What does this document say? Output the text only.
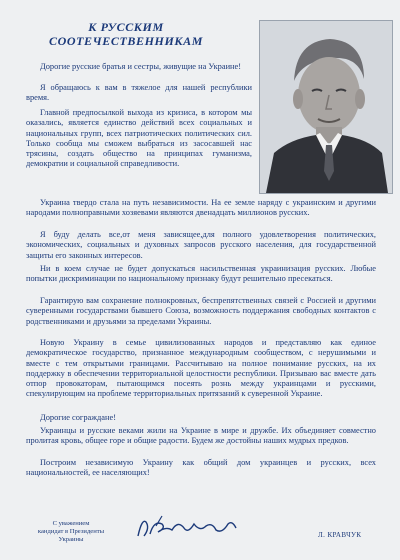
К РУССКИМ
СООТЕЧЕСТВЕННИКАМ

Дорогие русские братья и сестры, живущие на Украине!

Я обращаюсь к вам в тяжелое для нашей республики время.

Главной предпосылкой выхода из кризиса, в котором мы оказались, является единство действий всех социальных и национальных групп, всех патриотических политических сил. Только сообща мы сможем выбраться из засосавшей нас трясины, создать общество на принципах гуманизма, демократии и социальной справедливости.

Украина твердо стала на путь независимости. На ее земле наряду с украинским и другими народами полноправными хозяевами являются двенадцать миллионов русских.

Я буду делать все,от меня зависящее,для полного удовлетворения политических, экономических, социальных и духовных запросов русского населения, для государственной защиты его законных интересов.

Ни в коем случае не будет допускаться насильственная украинизация русских. Любые попытки дискриминации по национальному признаку будут решительно пресекаться.

Гарантирую вам сохранение полнокровных, беспрепятственных связей с Россией и другими суверенными государствами бывшего Союза, возможность поддержания свободных контактов с родственниками и друзьями за пределами Украины.

Новую Украину в семье цивилизованных народов и представляю как единое демократическое государство, признанное международным сообществом, с нерушимыми и вместе с тем открытыми границами. Рассчитываю на полное понимание русских, на их поддержку в обеспечении территориальной целостности республики. Призываю вас вместе дать отпор провокаторам, пытающимся посеять рознь между украинцами и русскими, спекулирующим на проблеме территориальных притязаний к суверенной Украине.

Дорогие сограждане!

Украинцы и русские веками жили на Украине в мире и дружбе. Их объединяет совместно пролитая кровь, общее горе и общие радости. Будем же достойны наших мудрых предков.

Построим независимую Украину как общий дом украинцев и русских, всех национальностей, ее населяющих!

С уважением
кандидат в Президенты
Украины
Л. КРАВЧУК
